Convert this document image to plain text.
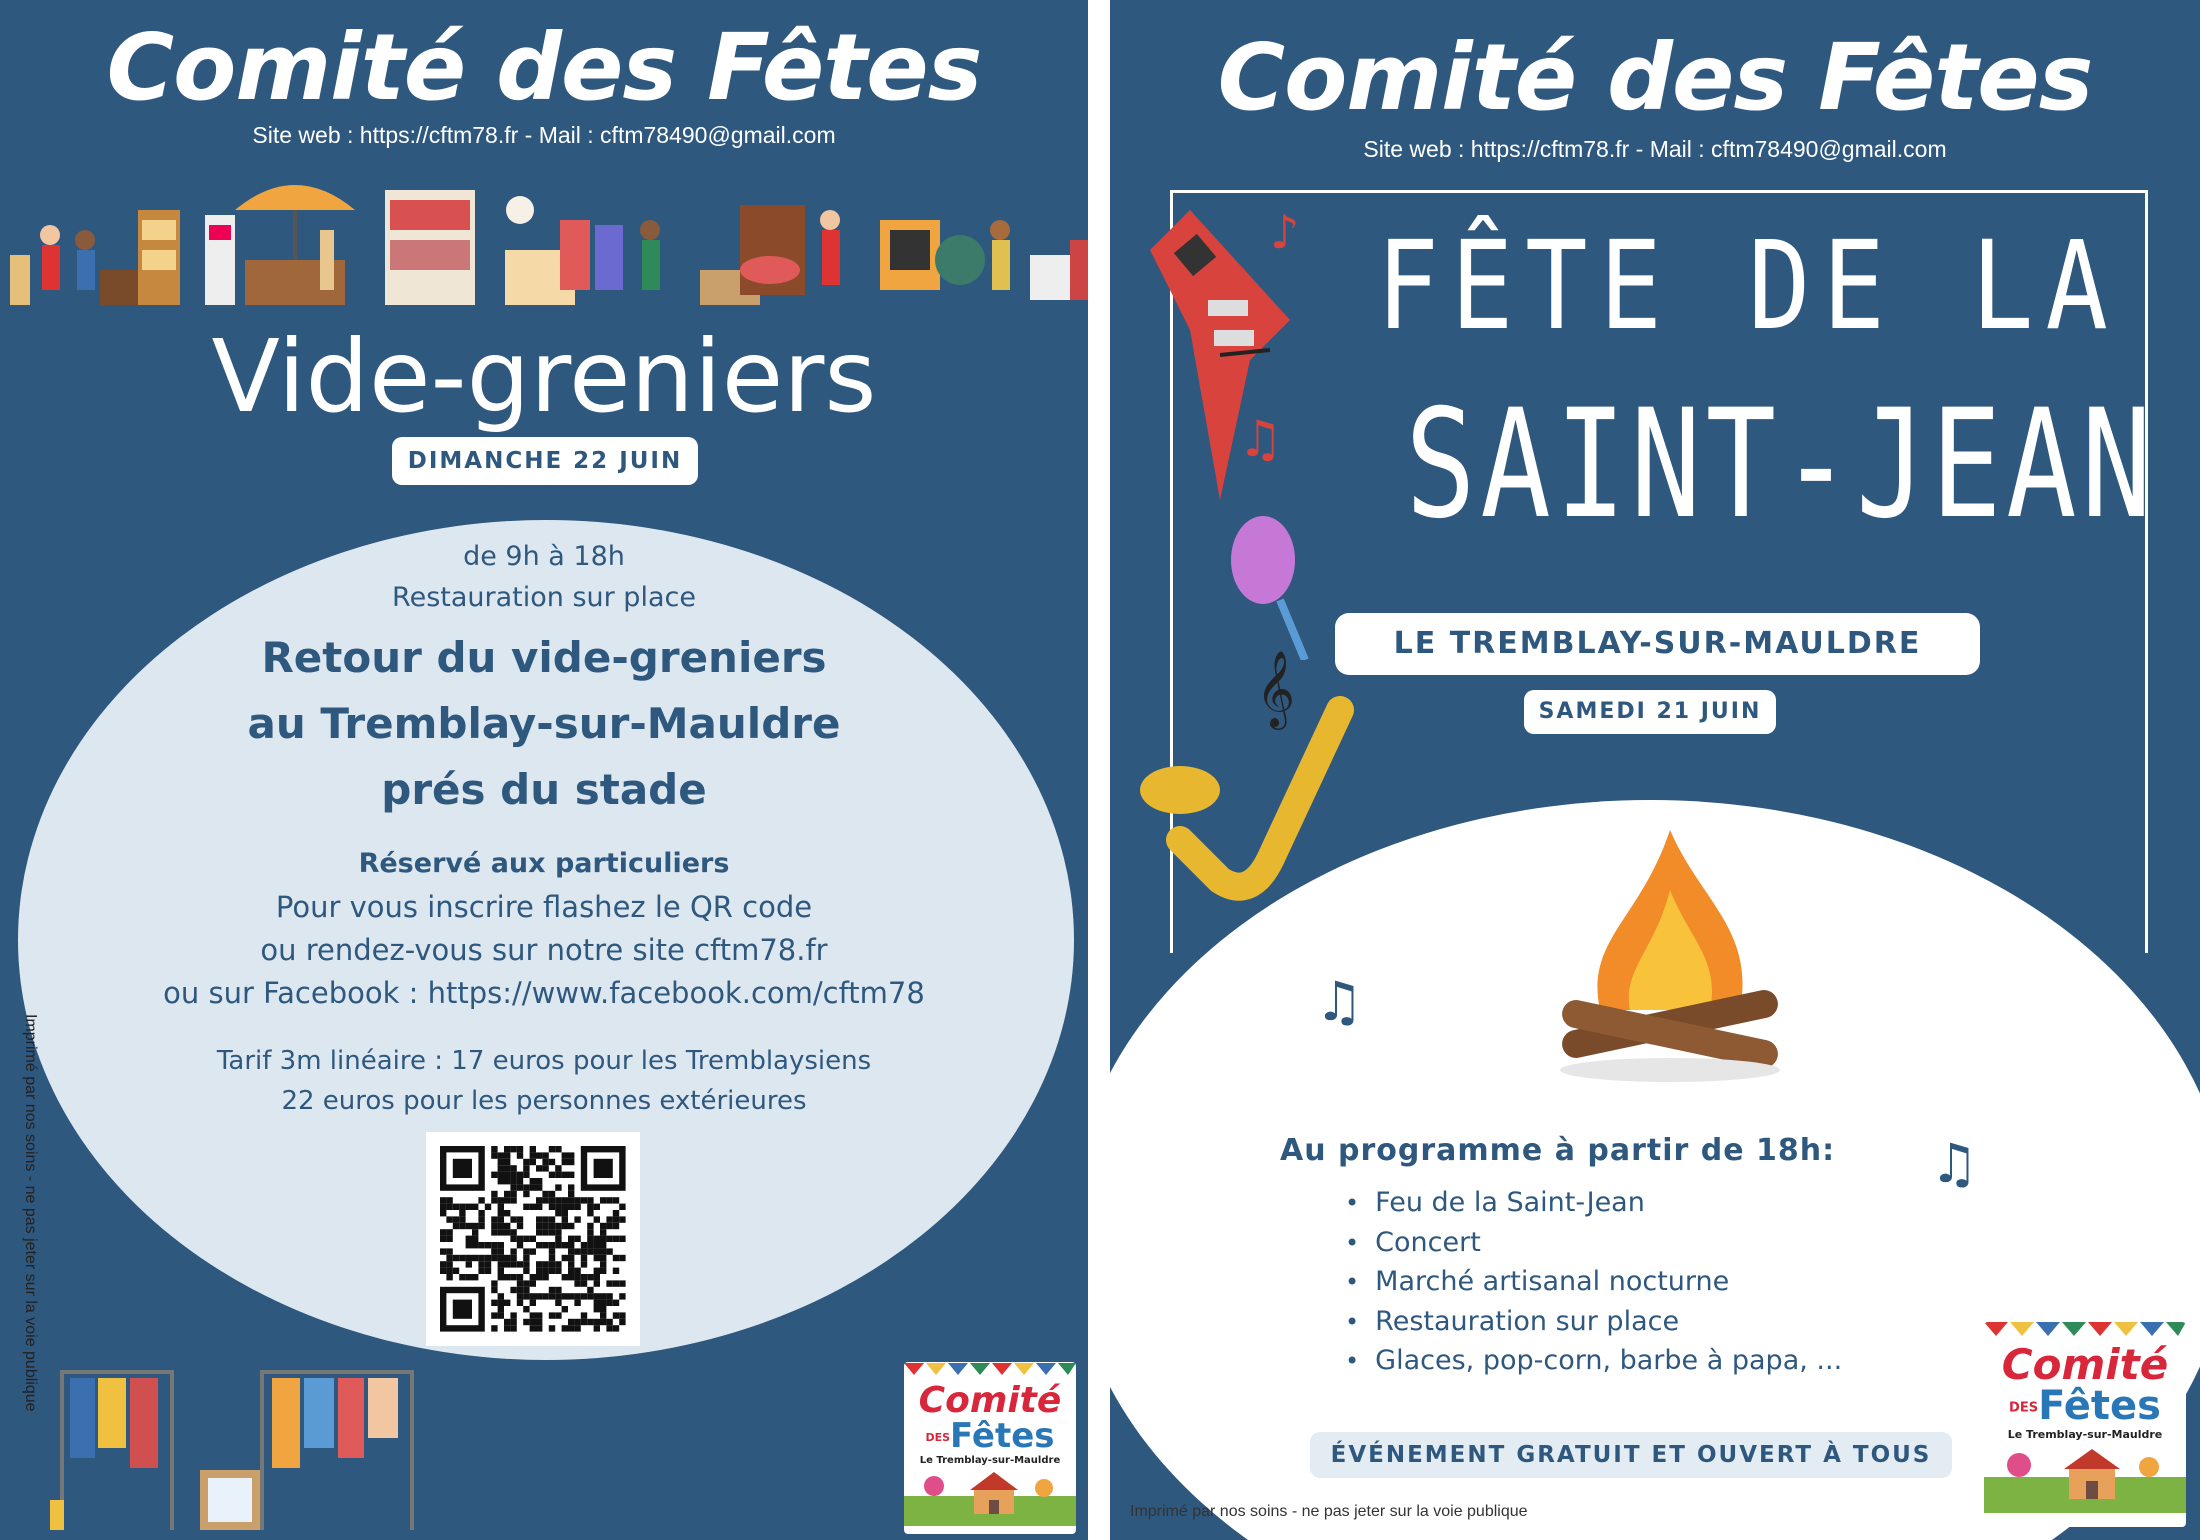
Comité des Fêtes
Site web : https://cftm78.fr - Mail : cftm78490@gmail.com
Vide-greniers
DIMANCHE 22 JUIN
de 9h à 18h
Restauration sur place
Retour du vide-greniers
au Tremblay-sur-Mauldre
prés du stade
Réservé aux particuliers
Pour vous inscrire flashez le QR code
ou rendez-vous sur notre site cftm78.fr
ou sur Facebook : https://www.facebook.com/cftm78
Tarif 3m linéaire : 17 euros pour les Tremblaysiens
22 euros pour les personnes extérieures
Imprimé par nos soins - ne pas jeter sur la voie publique	Comité
DESFêtes
Le Tremblay-sur-Mauldre
Comité des Fêtes
Site web : https://cftm78.fr - Mail : cftm78490@gmail.com
FÊTE DE LA
SAINT-JEAN
LE TREMBLAY-SUR-MAULDRE
SAMEDI 21 JUIN
♪
♫
𝄞
♫
♫
Au programme à partir de 18h:
• Feu de la Saint-Jean
• Concert
• Marché artisanal nocturne
• Restauration sur place
• Glaces, pop-corn, barbe à papa, ...
ÉVÉNEMENT GRATUIT ET OUVERT À TOUS
Imprimé par nos soins - ne pas jeter sur la voie publique
Comité
DESFêtes
Le Tremblay-sur-Mauldre
